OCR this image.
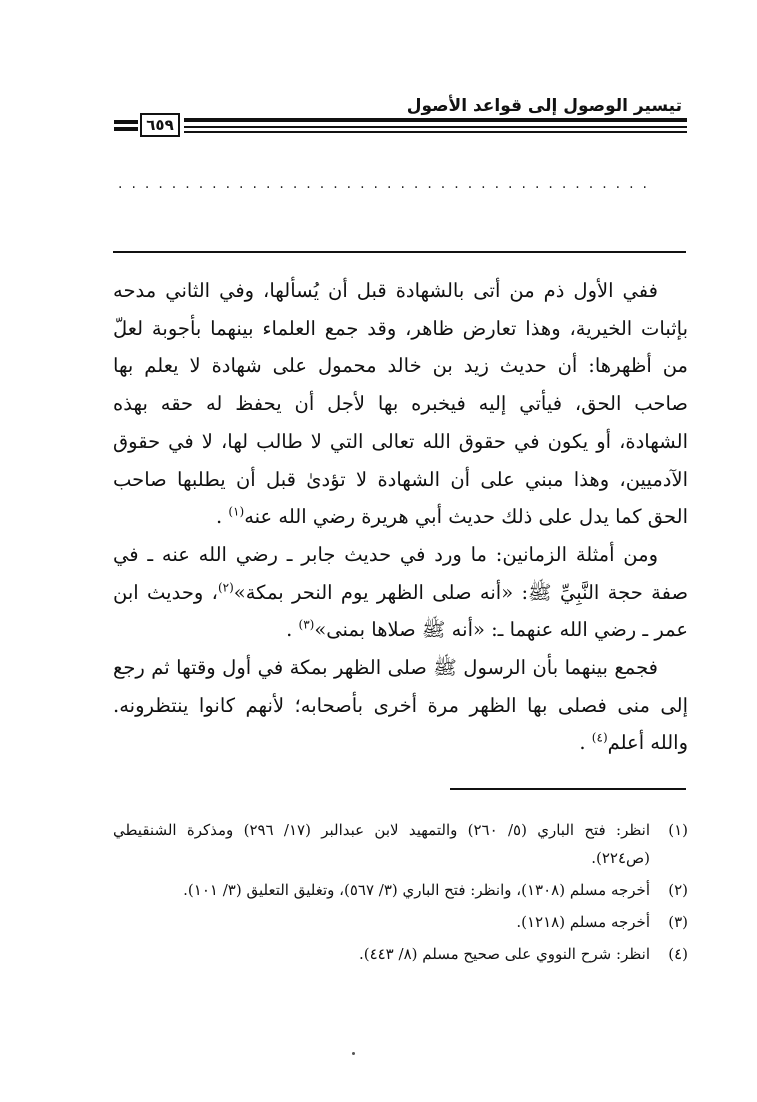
تيسير الوصول إلى قواعد الأصول
٦٥٩
........................................

ففي الأول ذم من أتى بالشهادة قبل أن يُسألها، وفي الثاني مدحه بإثبات الخيرية، وهذا تعارض ظاهر، وقد جمع العلماء بينهما بأجوبة لعلّ من أظهرها: أن حديث زيد بن خالد محمول على شهادة لا يعلم بها صاحب الحق، فيأتي إليه فيخبره بها لأجل أن يحفظ له حقه بهذه الشهادة، أو يكون في حقوق الله تعالى التي لا طالب لها، لا في حقوق الآدميين، وهذا مبني على أن الشهادة لا تؤدىٰ قبل أن يطلبها صاحب الحق كما يدل على ذلك حديث أبي هريرة رضي الله عنه$^{(١)}$ .

ومن أمثلة الزمانين: ما ورد في حديث جابر ـ رضي الله عنه ـ في صفة حجة النَّبِيِّ ﷺ: «أنه صلى الظهر يوم النحر بمكة»$^{(٢)}$، وحديث ابن عمر ـ رضي الله عنهما ـ: «أنه ﷺ صلاها بمنى»$^{(٣)}$ .

فجمع بينهما بأن الرسول ﷺ صلى الظهر بمكة في أول وقتها ثم رجع إلى منى فصلى بها الظهر مرة أخرى بأصحابه؛ لأنهم كانوا ينتظرونه. والله أعلم$^{(٤)}$ .

(١)
انظر: فتح الباري (٥/ ٢٦٠) والتمهيد لابن عبدالبر (١٧/ ٢٩٦) ومذكرة الشنقيطي (ص٢٢٤).
(٢)
أخرجه مسلم (١٣٠٨)، وانظر: فتح الباري (٣/ ٥٦٧)، وتغليق التعليق (٣/ ١٠١).
(٣)
أخرجه مسلم (١٢١٨).
(٤)
انظر: شرح النووي على صحيح مسلم (٨/ ٤٤٣).
